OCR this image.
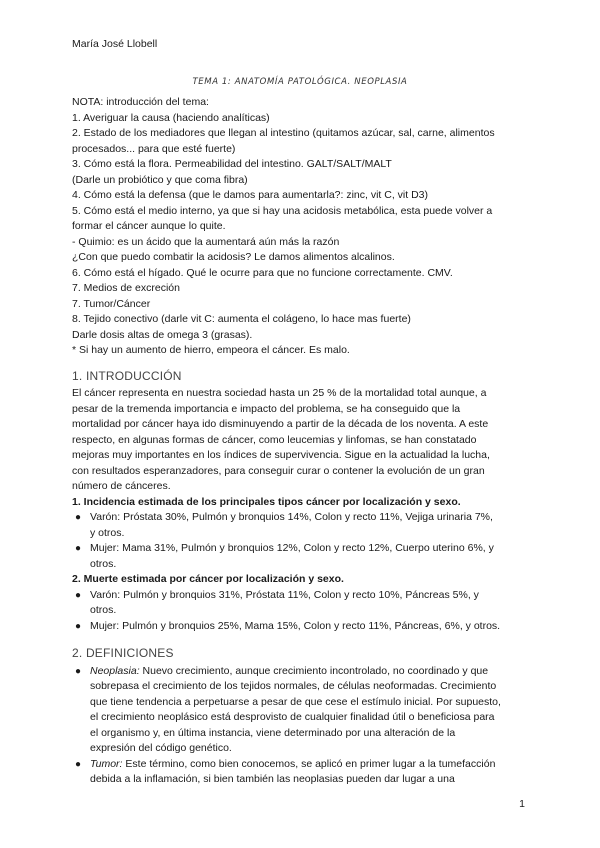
María José Llobell
TEMA 1: ANATOMÍA PATOLÓGICA. NEOPLASIA
NOTA: introducción del tema:
1. Averiguar la causa (haciendo analíticas)
2. Estado de los mediadores que llegan al intestino (quitamos azúcar, sal, carne, alimentos
procesados... para que esté fuerte)
3. Cómo está la flora. Permeabilidad del intestino. GALT/SALT/MALT
(Darle un probiótico y que coma fibra)
4. Cómo está la defensa (que le damos para aumentarla?: zinc, vit C, vit D3)
5. Cómo está el medio interno, ya que si hay una acidosis metabólica, esta puede volver a
formar el cáncer aunque lo quite.
- Quimio: es un ácido que la aumentará aún más la razón
¿Con que puedo combatir la acidosis? Le damos alimentos alcalinos.
6. Cómo está el hígado. Qué le ocurre para que no funcione correctamente. CMV.
7. Medios de excreción
7. Tumor/Cáncer
8. Tejido conectivo (darle vit C: aumenta el colágeno, lo hace mas fuerte)
Darle dosis altas de omega 3 (grasas).
* Si hay un aumento de hierro, empeora el cáncer. Es malo.
1. INTRODUCCIÓN
El cáncer representa en nuestra sociedad hasta un 25 % de la mortalidad total aunque, a
pesar de la tremenda importancia e impacto del problema, se ha conseguido que la
mortalidad por cáncer haya ido disminuyendo a partir de la década de los noventa. A este
respecto, en algunas formas de cáncer, como leucemias y linfomas, se han constatado
mejoras muy importantes en los índices de supervivencia. Sigue en la actualidad la lucha,
con resultados esperanzadores, para conseguir curar o contener la evolución de un gran
número de cánceres.
1. Incidencia estimada de los principales tipos cáncer por localización y sexo.
● Varón: Próstata 30%, Pulmón y bronquios 14%, Colon y recto 11%, Vejiga urinaria 7%,
y otros.
● Mujer: Mama 31%, Pulmón y bronquios 12%, Colon y recto 12%, Cuerpo uterino 6%, y
otros.
2. Muerte estimada por cáncer por localización y sexo.
● Varón: Pulmón y bronquios 31%, Próstata 11%, Colon y recto 10%, Páncreas 5%, y
otros.
● Mujer: Pulmón y bronquios 25%, Mama 15%, Colon y recto 11%, Páncreas, 6%, y otros.
2. DEFINICIONES
● Neoplasia: Nuevo crecimiento, aunque crecimiento incontrolado, no coordinado y que
sobrepasa el crecimiento de los tejidos normales, de células neoformadas. Crecimiento
que tiene tendencia a perpetuarse a pesar de que cese el estímulo inicial. Por supuesto,
el crecimiento neoplásico está desprovisto de cualquier finalidad útil o beneficiosa para
el organismo y, en última instancia, viene determinado por una alteración de la
expresión del código genético.
● Tumor: Este término, como bien conocemos, se aplicó en primer lugar a la tumefacción
debida a la inflamación, si bien también las neoplasias pueden dar lugar a una
1
